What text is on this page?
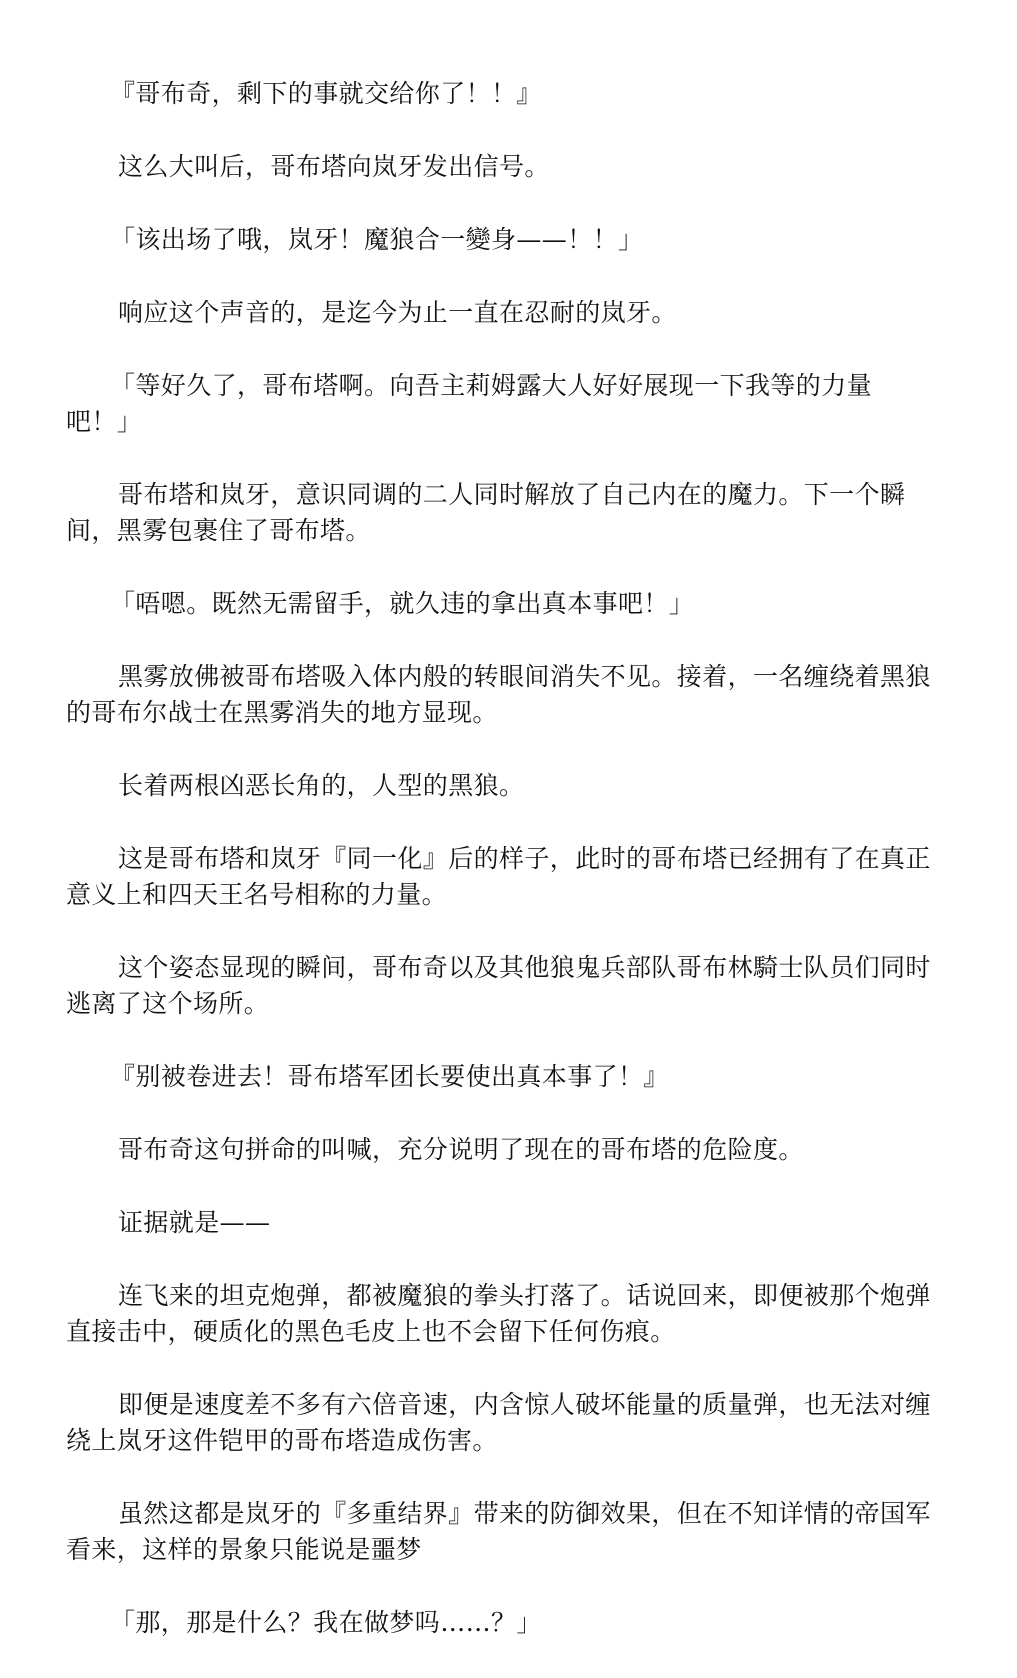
『哥布奇，剩下的事就交给你了！！』

这么大叫后，哥布塔向岚牙发出信号。

「该出场了哦，岚牙！魔狼合一變身——！！」

响应这个声音的，是迄今为止一直在忍耐的岚牙。

「等好久了，哥布塔啊。向吾主莉姆露大人好好展现一下我等的力量吧！」

哥布塔和岚牙，意识同调的二人同时解放了自己内在的魔力。下一个瞬间，黑雾包裹住了哥布塔。

「唔嗯。既然无需留手，就久违的拿出真本事吧！」

黑雾放佛被哥布塔吸入体内般的转眼间消失不见。接着，一名缠绕着黑狼的哥布尔战士在黑雾消失的地方显现。

长着两根凶恶长角的，人型的黑狼。

这是哥布塔和岚牙『同一化』后的样子，此时的哥布塔已经拥有了在真正意义上和四天王名号相称的力量。

这个姿态显现的瞬间，哥布奇以及其他狼鬼兵部队哥布林騎士队员们同时逃离了这个场所。

『别被卷进去！哥布塔军团长要使出真本事了！』

哥布奇这句拼命的叫喊，充分说明了现在的哥布塔的危险度。

证据就是——

连飞来的坦克炮弹，都被魔狼的拳头打落了。话说回来，即便被那个炮弹直接击中，硬质化的黑色毛皮上也不会留下任何伤痕。

即便是速度差不多有六倍音速，内含惊人破坏能量的质量弹，也无法对缠绕上岚牙这件铠甲的哥布塔造成伤害。

虽然这都是岚牙的『多重结界』带来的防御效果，但在不知详情的帝国军看来，这样的景象只能说是噩梦

「那，那是什么？我在做梦吗……？」
